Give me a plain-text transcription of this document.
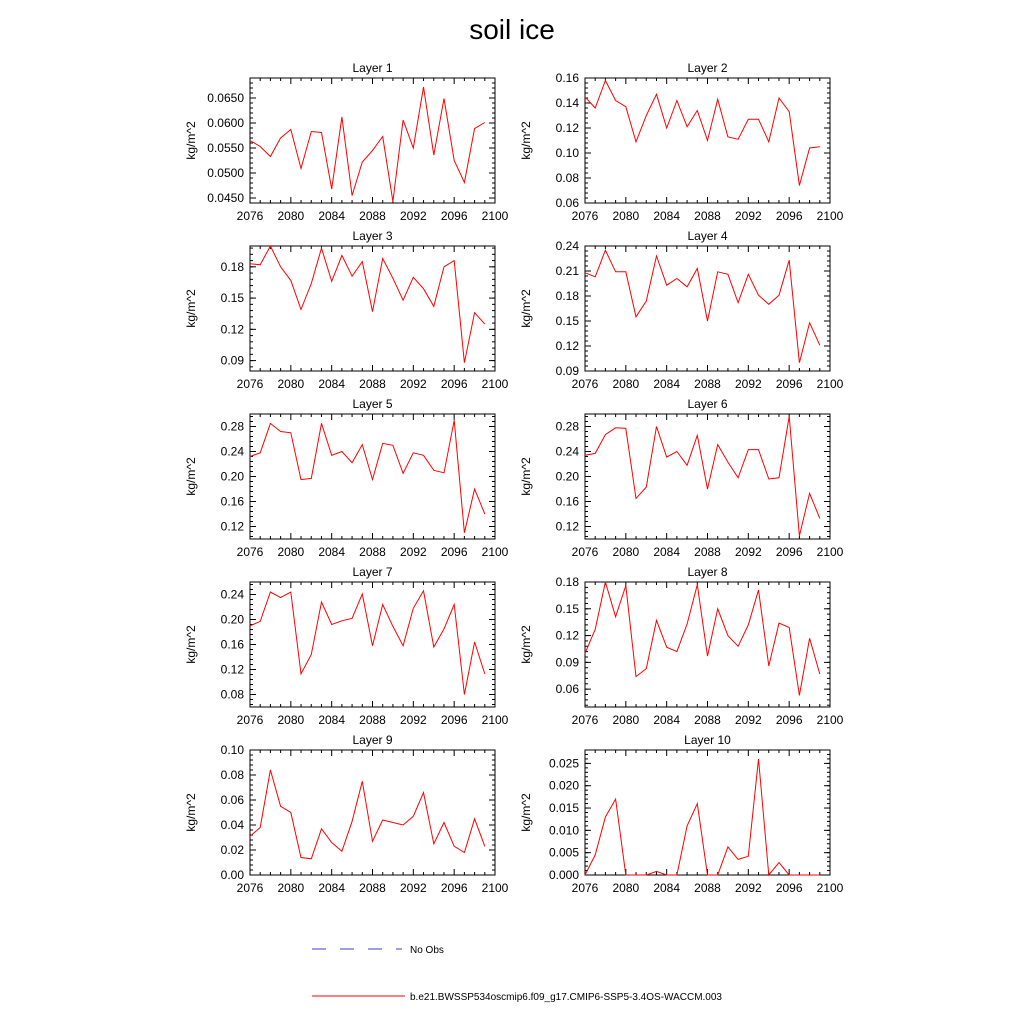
soil ice
Layer 1
kg/m^2
2076 2080 2084 2088 2092 2096 2100
0.0450
0.0500
0.0550
0.0600
0.0650
Layer 2
kg/m^2
2076 2080 2084 2088 2092 2096 2100
0.06
0.08
0.10
0.12
0.14
0.16
Layer 3
kg/m^2
2076 2080 2084 2088 2092 2096 2100
0.09
0.12
0.15
0.18
Layer 4
kg/m^2
2076 2080 2084 2088 2092 2096 2100
0.09
0.12
0.15
0.18
0.21
0.24
Layer 5
kg/m^2
2076 2080 2084 2088 2092 2096 2100
0.12
0.16
0.20
0.24
0.28
Layer 6
kg/m^2
2076 2080 2084 2088 2092 2096 2100
0.12
0.16
0.20
0.24
0.28
Layer 7
kg/m^2
2076 2080 2084 2088 2092 2096 2100
0.08
0.12
0.16
0.20
0.24
Layer 8
kg/m^2
2076 2080 2084 2088 2092 2096 2100
0.06
0.09
0.12
0.15
0.18
Layer 9
kg/m^2
2076 2080 2084 2088 2092 2096 2100
0.00
0.02
0.04
0.06
0.08
0.10
Layer 10
kg/m^2
2076 2080 2084 2088 2092 2096 2100
0.000
0.005
0.010
0.015
0.020
0.025
No Obs
b.e21.BWSSP534oscmip6.f09_g17.CMIP6-SSP5-3.4OS-WACCM.003
